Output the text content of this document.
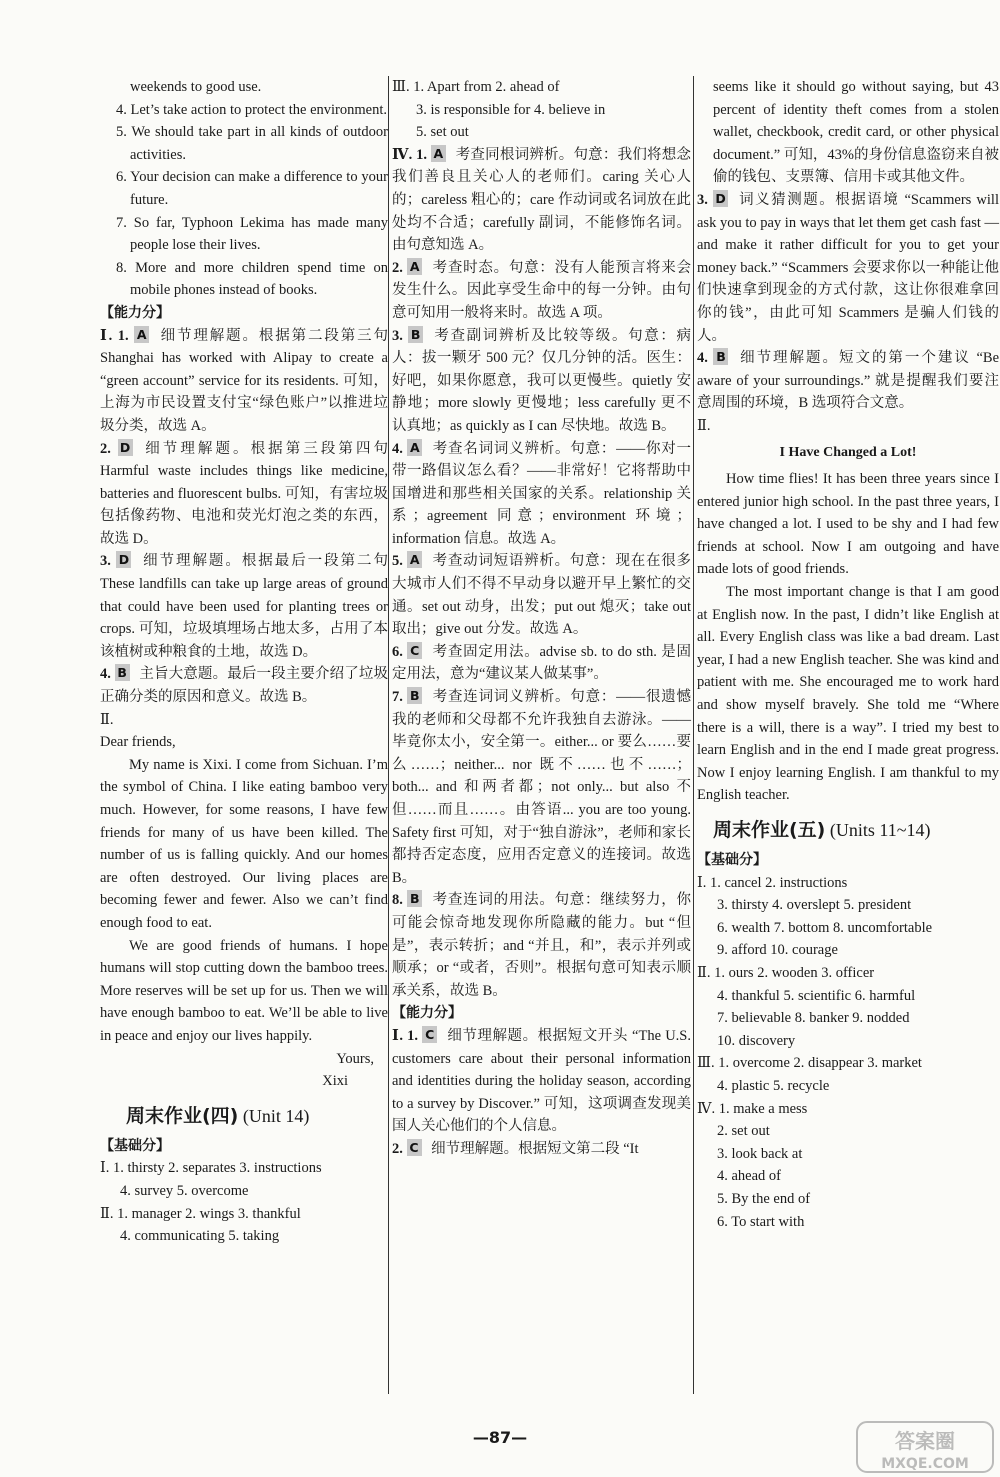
weekends to good use.

4. Let’s take action to protect the environment.

5. We should take part in all kinds of outdoor activities.

6. Your decision can make a difference to your future.

7. So far, Typhoon Lekima has made many people lose their lives.

8. More and more children spend time on mobile phones instead of books.

【能力分】

Ⅰ. 1. A 细节理解题。根据第二段第三句 Shanghai has worked with Alipay to create a “green account” service for its residents. 可知，上海为市民设置支付宝“绿色账户”以推进垃圾分类，故选 A。

2. D 细节理解题。根据第三段第四句 Harmful waste includes things like medicine, batteries and fluorescent bulbs. 可知，有害垃圾包括像药物、电池和荧光灯泡之类的东西，故选 D。

3. D 细节理解题。根据最后一段第二句 These landfills can take up large areas of ground that could have been used for planting trees or crops. 可知，垃圾填埋场占地太多，占用了本该植树或种粮食的土地，故选 D。

4. B 主旨大意题。最后一段主要介绍了垃圾正确分类的原因和意义。故选 B。

Ⅱ.

Dear friends,

My name is Xixi. I come from Sichuan. I’m the symbol of China. I like eating bamboo very much. However, for some reasons, I have few friends for many of us have been killed. The number of us is falling quickly. And our homes are often destroyed. Our living places are becoming fewer and fewer. Also we can’t find enough food to eat.

We are good friends of humans. I hope humans will stop cutting down the bamboo trees. More reserves will be set up for us. Then we will have enough bamboo to eat. We’ll be able to live in peace and enjoy our lives happily.

Yours,

Xixi

周末作业(四) (Unit 14)

【基础分】

Ⅰ. 1. thirsty 2. separates 3. instructions

4. survey 5. overcome

Ⅱ. 1. manager 2. wings 3. thankful

4. communicating 5. taking

Ⅲ. 1. Apart from 2. ahead of

3. is responsible for 4. believe in

5. set out

Ⅳ. 1. A 考查同根词辨析。句意：我们将想念我们善良且关心人的老师们。caring 关心人的；careless 粗心的；care 作动词或名词放在此处均不合适；carefully 副词，不能修饰名词。由句意知选 A。

2. A 考查时态。句意：没有人能预言将来会发生什么。因此享受生命中的每一分钟。由句意可知用一般将来时。故选 A 项。

3. B 考查副词辨析及比较等级。句意：病人：拔一颗牙 500 元？仅几分钟的活。医生：好吧，如果你愿意，我可以更慢些。quietly 安静地；more slowly 更慢地；less carefully 更不认真地；as quickly as I can 尽快地。故选 B。

4. A 考查名词词义辨析。句意：——你对一带一路倡议怎么看？——非常好！它将帮助中国增进和那些相关国家的关系。relationship 关系；agreement 同意；environment 环境；information 信息。故选 A。

5. A 考查动词短语辨析。句意：现在在很多大城市人们不得不早动身以避开早上繁忙的交通。set out 动身，出发；put out 熄灭；take out 取出；give out 分发。故选 A。

6. C 考查固定用法。advise sb. to do sth. 是固定用法，意为“建议某人做某事”。

7. B 考查连词词义辨析。句意：——很遗憾我的老师和父母都不允许我独自去游泳。——毕竟你太小，安全第一。either... or 要么……要么……；neither... nor 既不……也不……；both... and 和两者都；not only... but also 不但……而且……。由答语... you are too young. Safety first 可知，对于“独自游泳”，老师和家长都持否定态度，应用否定意义的连接词。故选 B。

8. B 考查连词的用法。句意：继续努力，你可能会惊奇地发现你所隐藏的能力。but “但是”，表示转折；and “并且，和”，表示并列或顺承；or “或者，否则”。根据句意可知表示顺承关系，故选 B。

【能力分】

Ⅰ. 1. C 细节理解题。根据短文开头 “The U.S. customers care about their personal information and identities during the holiday season, according to a survey by Discover.” 可知，这项调查发现美国人关心他们的个人信息。

2. C 细节理解题。根据短文第二段 “It

seems like it should go without saying, but 43 percent of identity theft comes from a stolen wallet, checkbook, credit card, or other physical document.” 可知，43%的身份信息盗窃来自被偷的钱包、支票簿、信用卡或其他文件。

3. D 词义猜测题。根据语境 “Scammers will ask you to pay in ways that let them get cash fast — and make it rather difficult for you to get your money back.” “Scammers 会要求你以一种能让他们快速拿到现金的方式付款，这让你很难拿回你的钱”，由此可知 Scammers 是骗人们钱的人。

4. B 细节理解题。短文的第一个建议 “Be aware of your surroundings.” 就是提醒我们要注意周围的环境，B 选项符合文意。

Ⅱ.

I Have Changed a Lot!

How time flies! It has been three years since I entered junior high school. In the past three years, I have changed a lot. I used to be shy and I had few friends at school. Now I am outgoing and have made lots of good friends.

The most important change is that I am good at English now. In the past, I didn’t like English at all. Every English class was like a bad dream. Last year, I had a new English teacher. She was kind and patient with me. She encouraged me to work hard and show myself bravely. She told me “Where there is a will, there is a way”. I tried my best to learn English and in the end I made great progress. Now I enjoy learning English. I am thankful to my English teacher.

周末作业(五) (Units 11~14)

【基础分】

Ⅰ. 1. cancel 2. instructions

3. thirsty 4. overslept 5. president

6. wealth 7. bottom 8. uncomfortable

9. afford 10. courage

Ⅱ. 1. ours 2. wooden 3. officer

4. thankful 5. scientific 6. harmful

7. believable 8. banker 9. nodded

10. discovery

Ⅲ. 1. overcome 2. disappear 3. market

4. plastic 5. recycle

Ⅳ. 1. make a mess

2. set out

3. look back at

4. ahead of

5. By the end of

6. To start with

—87—	答案圈
MXQE.COM
